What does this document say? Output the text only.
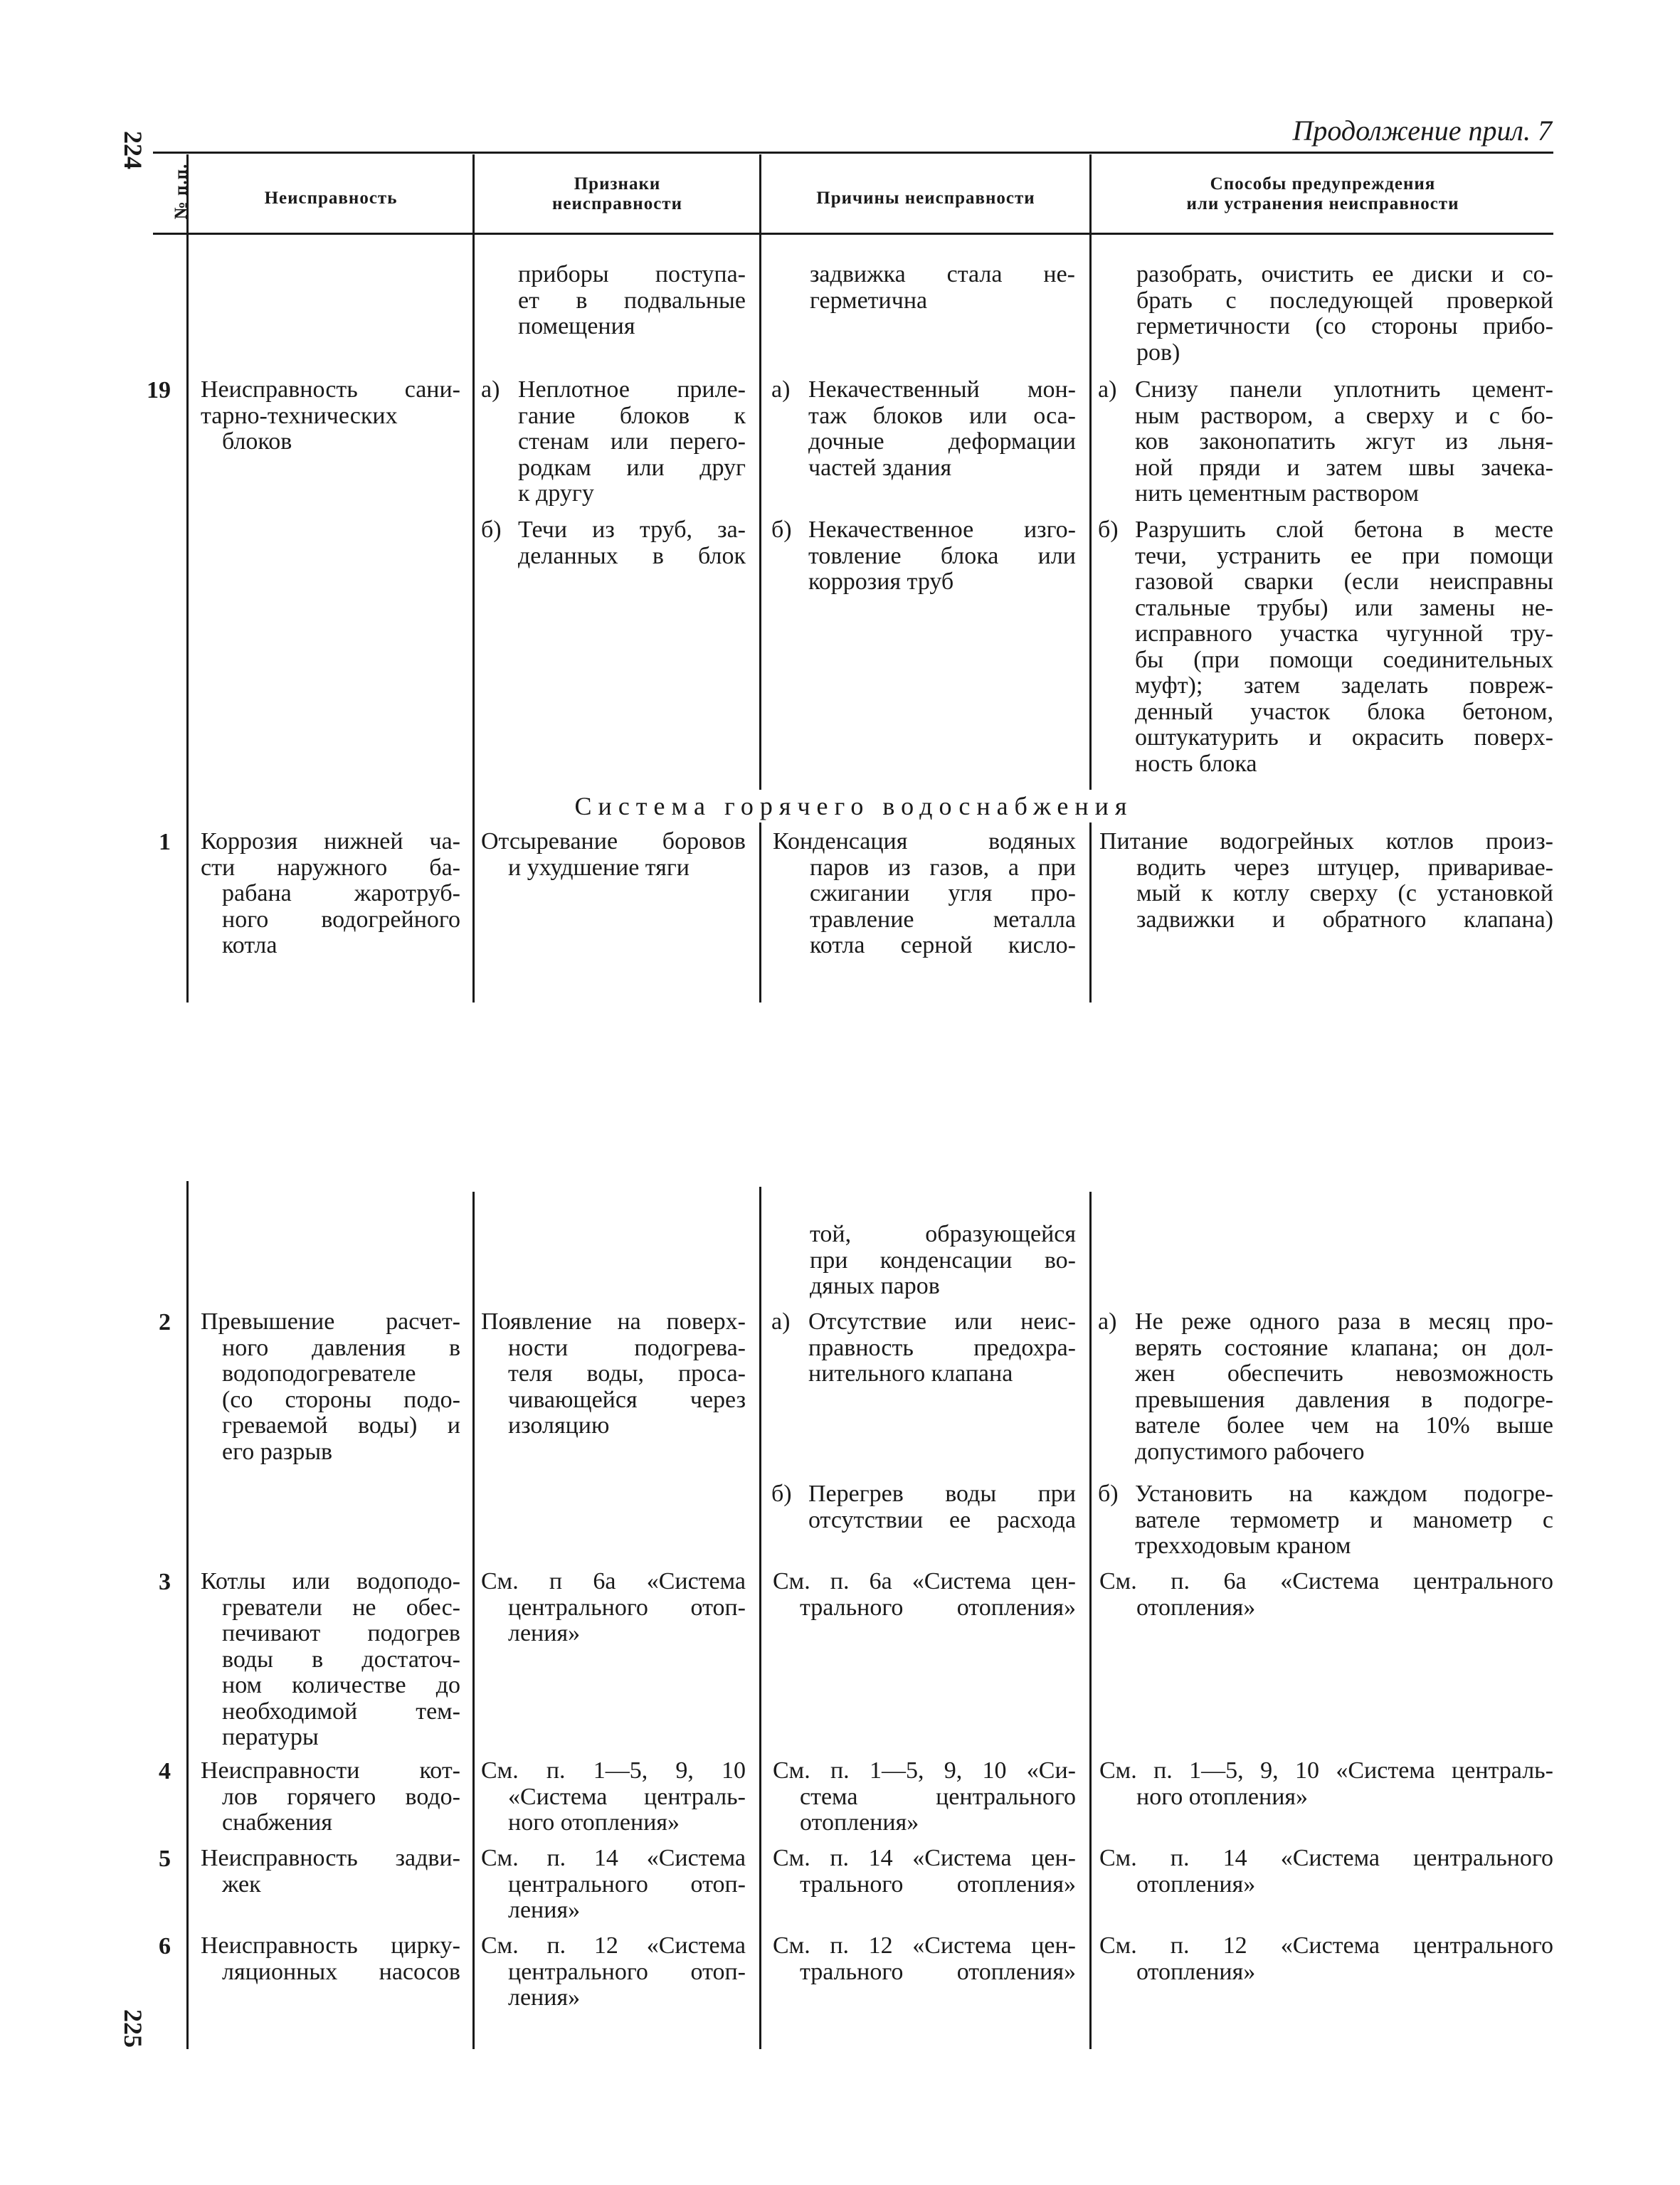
224
225
Продолжение прил. 7
№ п.п.	Неисправность
Признаки
неисправности	Причины неисправности
Способы предупреждения
или устранения неисправности
приборы поступа-
ет в подвальные
помещения
задвижка стала не-
герметична
разобрать, очистить ее диски и со-
брать с последующей проверкой
герметичности (со стороны прибо-
ров)
19 Неисправность сани-
тарно-технических
блоков
а) Неплотное приле-
гание блоков к
стенам или перего-
родкам или друг
к другу
а) Некачественный мон-
таж блоков или оса-
дочные деформации
частей здания
а) Снизу панели уплотнить цемент-
ным раствором, а сверху и с бо-
ков законопатить жгут из льня-
ной пряди и затем швы зачека-
нить цементным раствором
б) Течи из труб, за-
деланных в блок
б) Некачественное изго-
товление блока или
коррозия труб
б) Разрушить слой бетона в месте
течи, устранить ее при помощи
газовой сварки (если неисправны
стальные трубы) или замены не-
исправного участка чугунной тру-
бы (при помощи соединительных
муфт); затем заделать повреж-
денный участок блока бетоном,
оштукатурить и окрасить поверх-
ность блока
Система горячего водоснабжения
1 Коррозия нижней ча-
сти наружного ба-
рабана жаротруб-
ного водогрейного
котла
Отсыревание боровов
и ухудшение тяги
Конденсация водяных
паров из газов, а при
сжигании угля про-
травление металла
котла серной кисло-
Питание водогрейных котлов произ-
водить через штуцер, приваривае-
мый к котлу сверху (с установкой
задвижки и обратного клапана)
той, образующейся
при конденсации во-
дяных паров
2 Превышение расчет-
ного давления в
водоподогревателе
(со стороны подо-
греваемой воды) и
его разрыв
Появление на поверх-
ности подогрева-
теля воды, проса-
чивающейся через
изоляцию
а) Отсутствие или неис-
правность предохра-
нительного клапана
а) Не реже одного раза в месяц про-
верять состояние клапана; он дол-
жен обеспечить невозможность
превышения давления в подогре-
вателе более чем на 10% выше
допустимого рабочего
б) Перегрев воды при
отсутствии ее расхода
б) Установить на каждом подогре-
вателе термометр и манометр с
трехходовым краном
3 Котлы или водоподо-
греватели не обес-
печивают подогрев
воды в достаточ-
ном количестве до
необходимой тем-
пературы
См. п 6а «Система
центрального отоп-
ления»
См. п. 6а «Система цен-
трального отопления»
См. п. 6а «Система центрального
отопления»
4 Неисправности кот-
лов горячего водо-
снабжения
См. п. 1—5, 9, 10
«Система централь-
ного отопления»
См. п. 1—5, 9, 10 «Си-
стема центрального
отопления»
См. п. 1—5, 9, 10 «Система централь-
ного отопления»
5 Неисправность задви-
жек
См. п. 14 «Система
центрального отоп-
ления»
См. п. 14 «Система цен-
трального отопления»
См. п. 14 «Система центрального
отопления»
6 Неисправность цирку-
ляционных насосов
См. п. 12 «Система
центрального отоп-
ления»
См. п. 12 «Система цен-
трального отопления»
См. п. 12 «Система центрального
отопления»
